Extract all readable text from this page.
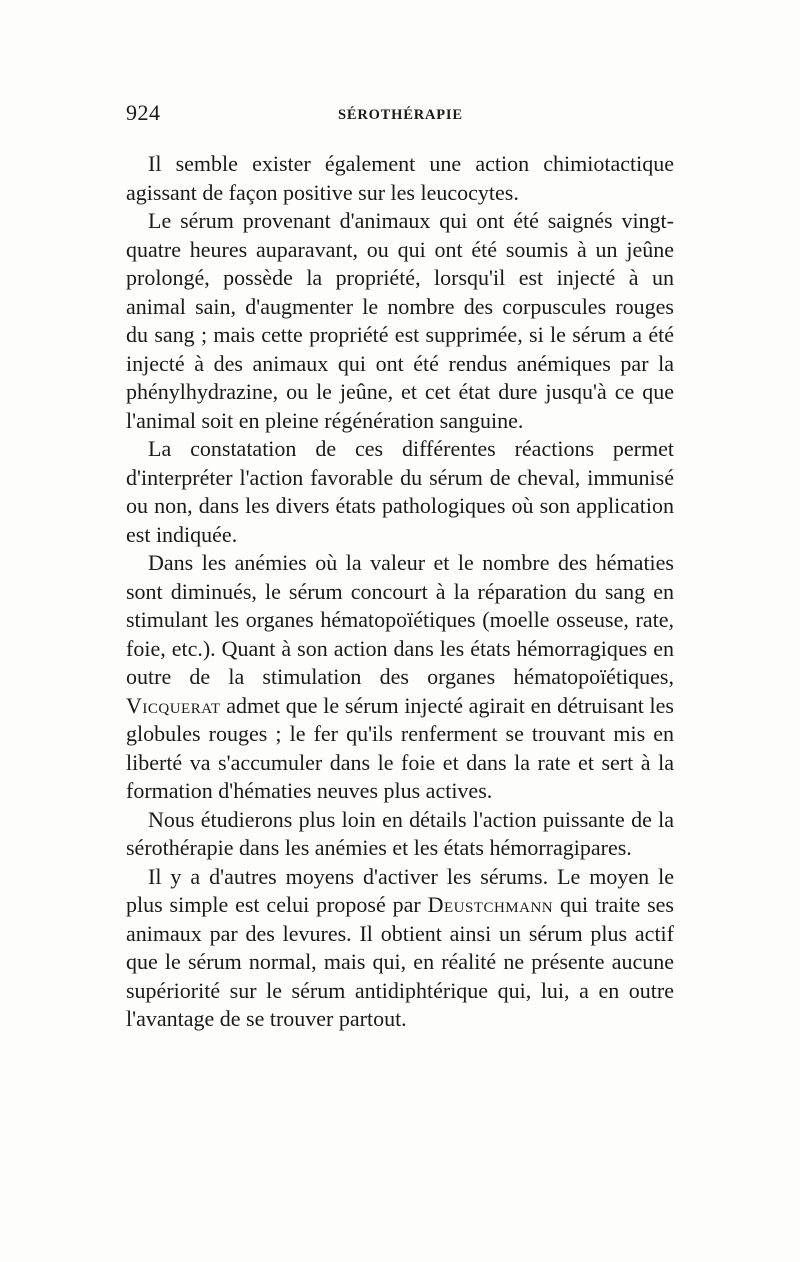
924	SÉROTHÉRAPIE

Il semble exister également une action chimiotactique agissant de façon positive sur les leucocytes.

Le sérum provenant d'animaux qui ont été saignés vingt-quatre heures auparavant, ou qui ont été soumis à un jeûne prolongé, possède la propriété, lorsqu'il est injecté à un animal sain, d'augmenter le nombre des corpuscules rouges du sang ; mais cette propriété est supprimée, si le sérum a été injecté à des animaux qui ont été rendus anémiques par la phénylhydrazine, ou le jeûne, et cet état dure jusqu'à ce que l'animal soit en pleine régénération sanguine.

La constatation de ces différentes réactions permet d'interpréter l'action favorable du sérum de cheval, immunisé ou non, dans les divers états pathologiques où son application est indiquée.

Dans les anémies où la valeur et le nombre des hématies sont diminués, le sérum concourt à la réparation du sang en stimulant les organes hématopoïétiques (moelle osseuse, rate, foie, etc.). Quant à son action dans les états hémorragiques en outre de la stimulation des organes hématopoïétiques, Vicquerat admet que le sérum injecté agirait en détruisant les globules rouges ; le fer qu'ils renferment se trouvant mis en liberté va s'accumuler dans le foie et dans la rate et sert à la formation d'hématies neuves plus actives.

Nous étudierons plus loin en détails l'action puissante de la sérothérapie dans les anémies et les états hémorragipares.

Il y a d'autres moyens d'activer les sérums. Le moyen le plus simple est celui proposé par Deustchmann qui traite ses animaux par des levures. Il obtient ainsi un sérum plus actif que le sérum normal, mais qui, en réalité ne présente aucune supériorité sur le sérum antidiphtérique qui, lui, a en outre l'avantage de se trouver partout.
